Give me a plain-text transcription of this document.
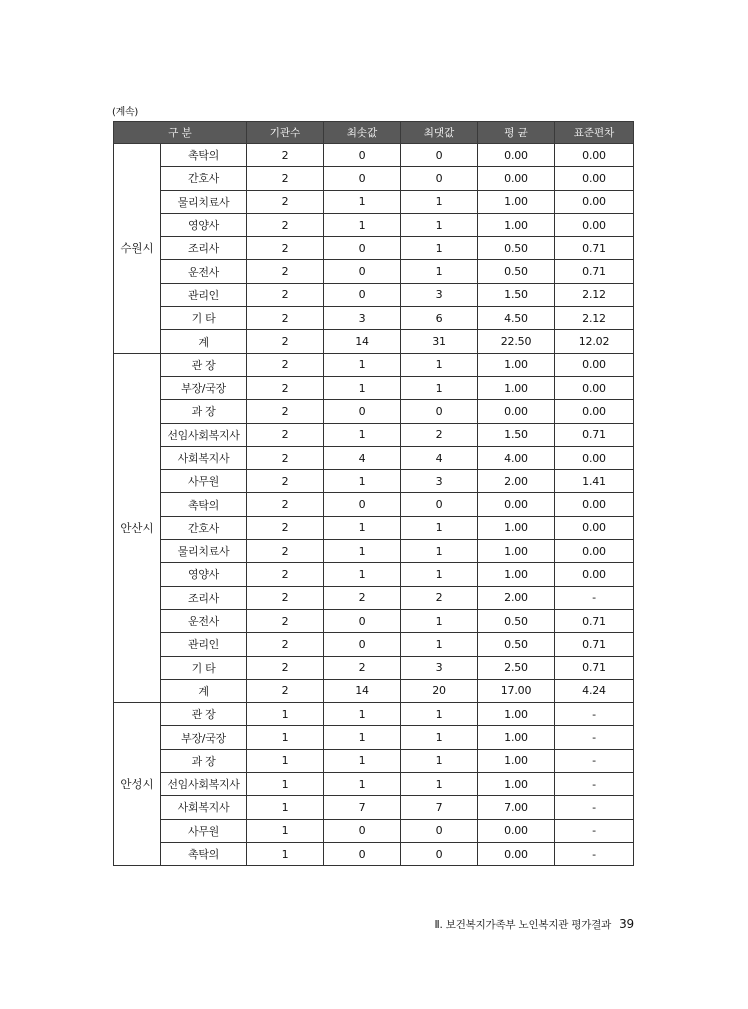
(계속)
구 분		기관수	최솟값	최댓값	평 균	표준편차
수원시	촉탁의	2	0	0	0.00	0.00
	간호사	2	0	0	0.00	0.00
	물리치료사	2	1	1	1.00	0.00
	영양사	2	1	1	1.00	0.00
	조리사	2	0	1	0.50	0.71
	운전사	2	0	1	0.50	0.71
	관리인	2	0	3	1.50	2.12
	기 타	2	3	6	4.50	2.12
	계	2	14	31	22.50	12.02
안산시	관 장	2	1	1	1.00	0.00
	부장/국장	2	1	1	1.00	0.00
	과 장	2	0	0	0.00	0.00
	선임사회복지사	2	1	2	1.50	0.71
	사회복지사	2	4	4	4.00	0.00
	사무원	2	1	3	2.00	1.41
	촉탁의	2	0	0	0.00	0.00
	간호사	2	1	1	1.00	0.00
	물리치료사	2	1	1	1.00	0.00
	영양사	2	1	1	1.00	0.00
	조리사	2	2	2	2.00	-
	운전사	2	0	1	0.50	0.71
	관리인	2	0	1	0.50	0.71
	기 타	2	2	3	2.50	0.71
	계	2	14	20	17.00	4.24
안성시	관 장	1	1	1	1.00	-
	부장/국장	1	1	1	1.00	-
	과 장	1	1	1	1.00	-
	선임사회복지사	1	1	1	1.00	-
	사회복지사	1	7	7	7.00	-
	사무원	1	0	0	0.00	-
	촉탁의	1	0	0	0.00	-
Ⅱ. 보건복지가족부 노인복지관 평가결과 39
